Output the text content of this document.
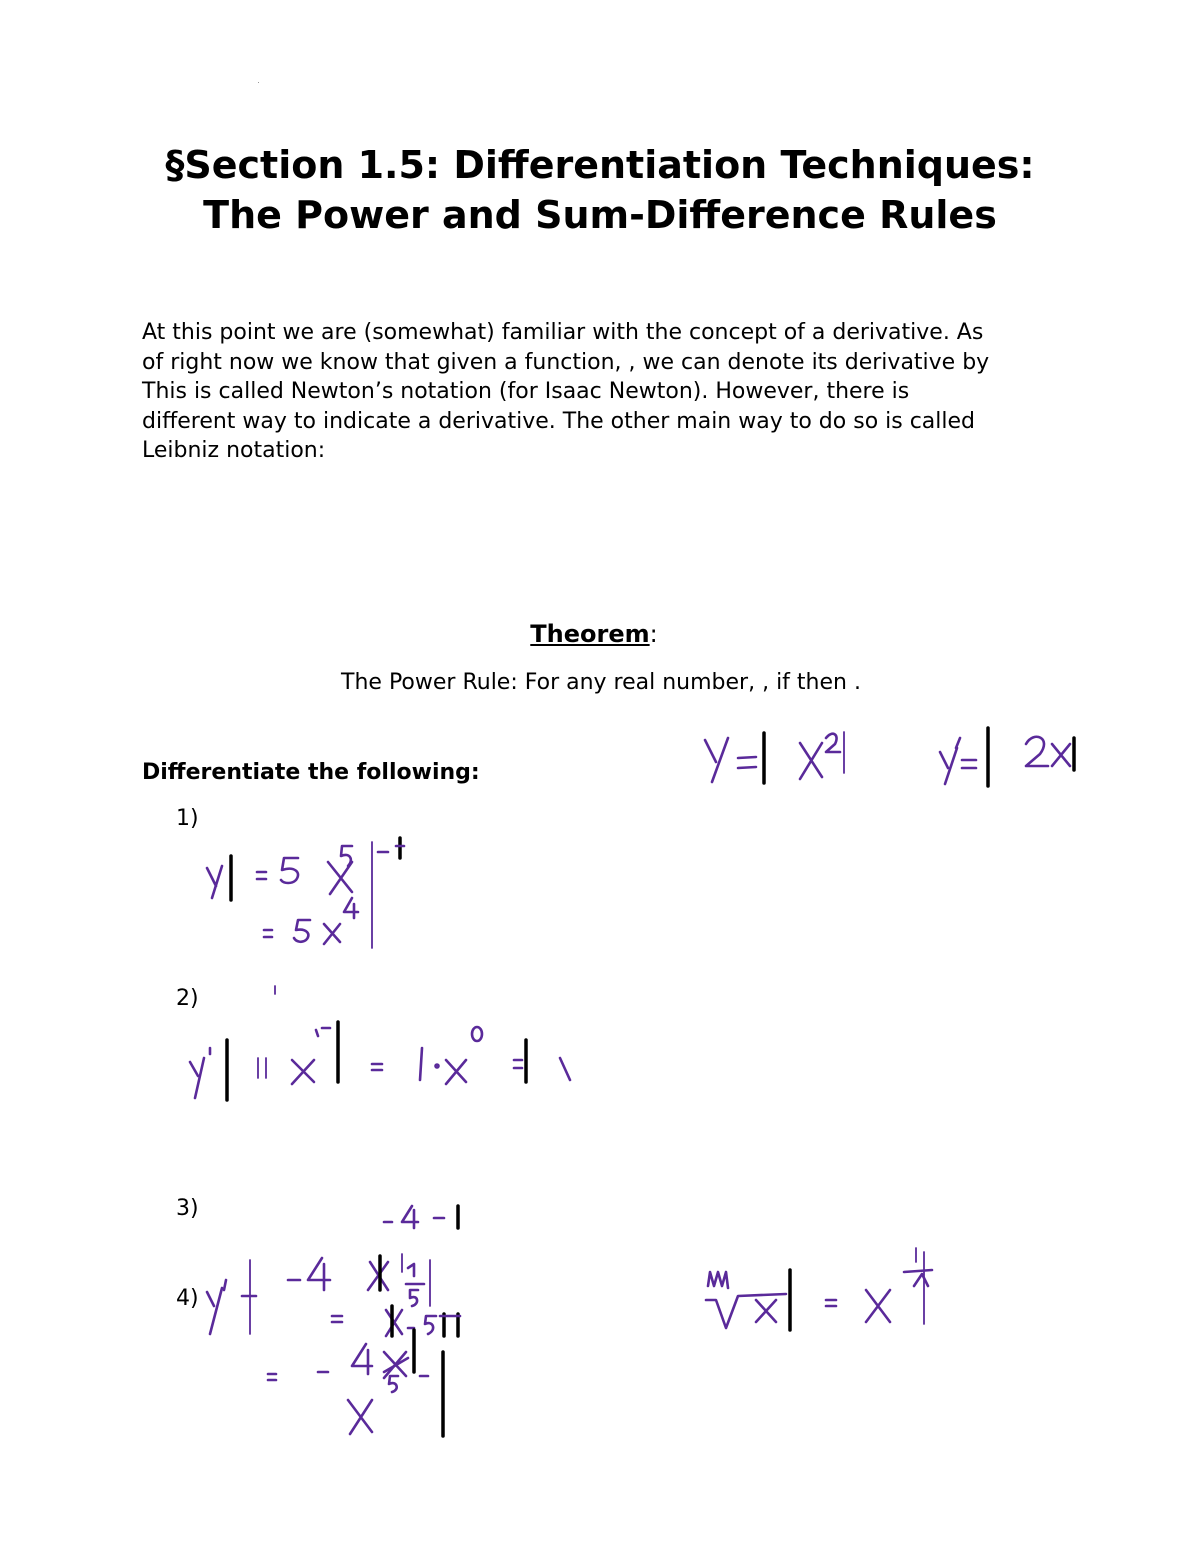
§Section 1.5: Differentiation Techniques:
The Power and Sum-Difference Rules
At this point we are (somewhat) familiar with the concept of a derivative. As
of right now we know that given a function, , we can denote its derivative by
This is called Newton’s notation (for Isaac Newton). However, there is
different way to indicate a derivative. The other main way to do so is called
Leibniz notation:
Theorem:
The Power Rule: For any real number, , if then .
Differentiate the following:
1)
2)
3)
4)
